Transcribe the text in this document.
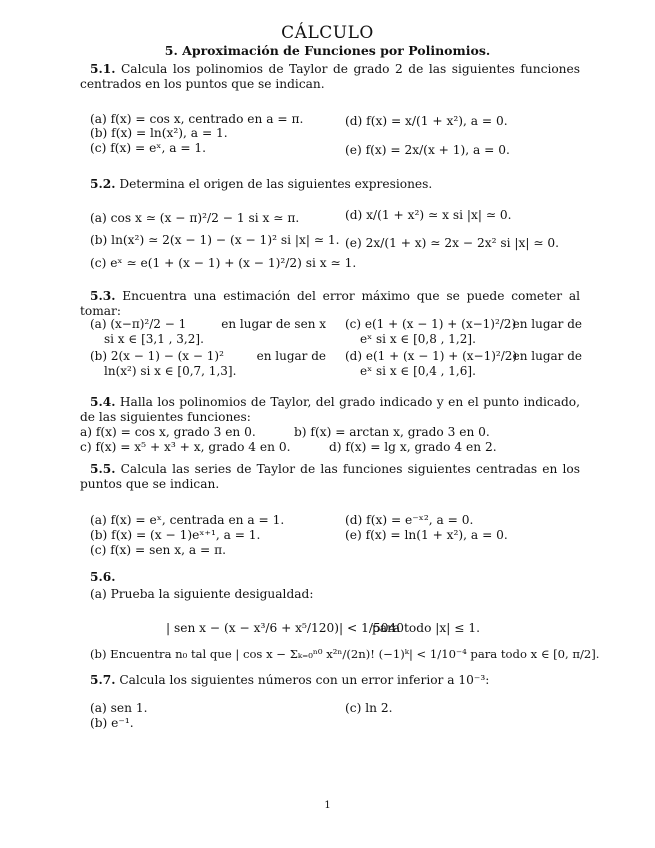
CÁLCULO
5. Aproximación de Funciones por Polinomios.
5.1. Calcula los polinomios de Taylor de grado 2 de las siguientes funciones centrados en los puntos que se indican.
(a) f(x) = cos x, centrado en a = π.
(b) f(x) = ln(x²), a = 1.
(c) f(x) = eˣ, a = 1.
(d) f(x) = x/(1 + x²), a = 0.
(e) f(x) = 2x/(x + 1), a = 0.
5.2. Determina el origen de las siguientes expresiones.
(a) cos x ≃ (x − π)²/2 − 1 si x ≃ π.
(b) ln(x²) ≃ 2(x − 1) − (x − 1)² si |x| ≃ 1.
(c) eˣ ≃ e(1 + (x − 1) + (x − 1)²/2) si x ≃ 1.
(d) x/(1 + x²) ≃ x si |x| ≃ 0.
(e) 2x/(1 + x) ≃ 2x − 2x² si |x| ≃ 0.
5.3. Encuentra una estimación del error máximo que se puede cometer al tomar:
(a) (x−π)²/2 − 1	en lugar de sen x
si x ∈ [3,1 , 3,2].
(b) 2(x − 1) − (x − 1)²	en lugar de
ln(x²) si x ∈ [0,7, 1,3].
(c) e(1 + (x − 1) + (x−1)²/2)
en lugar de
eˣ si x ∈ [0,8 , 1,2].
(d) e(1 + (x − 1) + (x−1)²/2)
en lugar de
eˣ si x ∈ [0,4 , 1,6].
5.4. Halla los polinomios de Taylor, del grado indicado y en el punto indicado, de las siguientes funciones:
a) f(x) = cos x, grado 3 en 0.	b) f(x) = arctan x, grado 3 en 0.
c) f(x) = x⁵ + x³ + x, grado 4 en 0.	d) f(x) = lg x, grado 4 en 2.
5.5. Calcula las series de Taylor de las funciones siguientes centradas en los puntos que se indican.
(a) f(x) = eˣ, centrada en a = 1.
(b) f(x) = (x − 1)eˣ⁺¹, a = 1.
(c) f(x) = sen x, a = π.
(d) f(x) = e⁻ˣ², a = 0.
(e) f(x) = ln(1 + x²), a = 0.
5.6.
(a) Prueba la siguiente desigualdad:
| sen x − (x − x³/6 + x⁵/120)| < 1/5040
para todo |x| ≤ 1.
(b) Encuentra n₀ tal que | cos x − Σₖ₌₀ⁿ⁰ x²ⁿ/(2n)! (−1)ᵏ| < 1/10⁻⁴ para todo x ∈ [0, π/2].
5.7. Calcula los siguientes números con un error inferior a 10⁻³:
(a) sen 1.
(b) e⁻¹.
(c) ln 2.
1
